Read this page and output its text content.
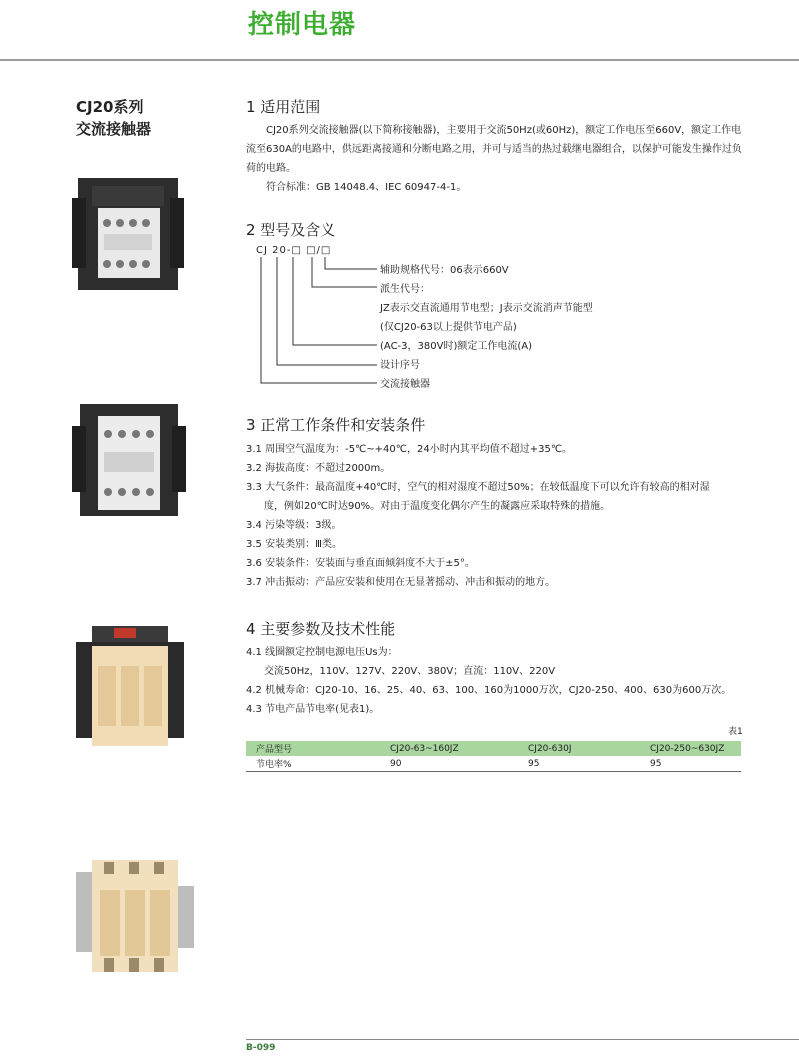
控制电器
CJ20系列
交流接触器
1 适用范围

CJ20系列交流接触器(以下简称接触器)，主要用于交流50Hz(或60Hz)，额定工作电压至660V，额定工作电流至630A的电路中，供远距离接通和分断电路之用，并可与适当的热过载继电器组合，以保护可能发生操作过负荷的电路。

符合标准：GB 14048.4、IEC 60947-4-1。

2 型号及含义
CJ 20-□ □/□
辅助规格代号：06表示660V
派生代号：
JZ表示交直流通用节电型；J表示交流消声节能型
(仅CJ20-63以上提供节电产品)
(AC-3，380V时)额定工作电流(A)
设计序号
交流接触器
3 正常工作条件和安装条件

3.1 周围空气温度为：-5℃~+40℃，24小时内其平均值不超过+35℃。

3.2 海拔高度：不超过2000m。

3.3 大气条件：最高温度+40℃时，空气的相对湿度不超过50%；在较低温度下可以允许有较高的相对湿

度，例如20℃时达90%。对由于温度变化偶尔产生的凝露应采取特殊的措施。

3.4 污染等级：3级。

3.5 安装类别：Ⅲ类。

3.6 安装条件：安装面与垂直面倾斜度不大于±5°。

3.7 冲击振动：产品应安装和使用在无显著摇动、冲击和振动的地方。

4 主要参数及技术性能

4.1 线圈额定控制电源电压Us为：

交流50Hz，110V、127V、220V、380V；直流：110V、220V

4.2 机械寿命：CJ20-10、16、25、40、63、100、160为1000万次，CJ20-250、400、630为600万次。

4.3 节电产品节电率(见表1)。

表1
产品型号	CJ20-63~160JZ	CJ20-630J	CJ20-250~630JZ
节电率%	90	95	95
B-099
